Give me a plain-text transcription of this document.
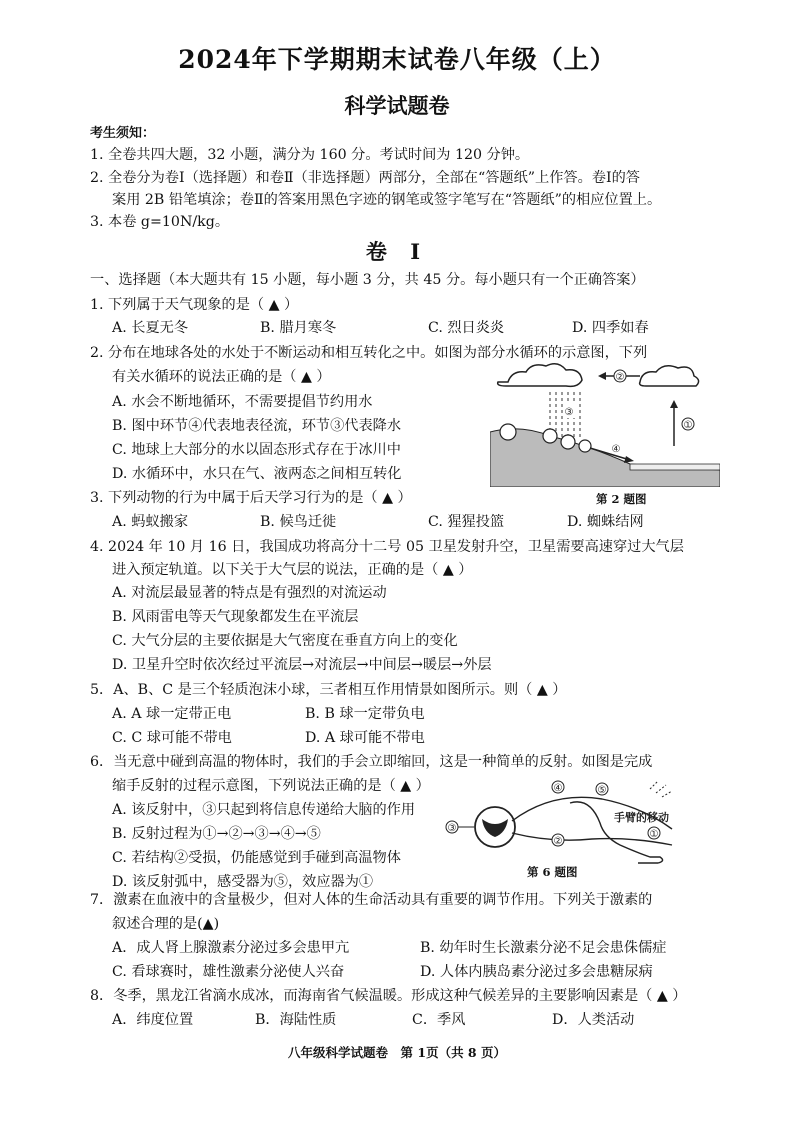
2024年下学期期末试卷八年级（上）
科学试题卷
考生须知：
1. 全卷共四大题，32 小题，满分为 160 分。考试时间为 120 分钟。
2. 全卷分为卷Ⅰ（选择题）和卷Ⅱ（非选择题）两部分，全部在“答题纸”上作答。卷Ⅰ的答
案用 2B 铅笔填涂；卷Ⅱ的答案用黑色字迹的钢笔或签字笔写在“答题纸”的相应位置上。
3. 本卷 g=10N/kg。
卷 Ⅰ
一、选择题（本大题共有 15 小题，每小题 3 分，共 45 分。每小题只有一个正确答案）
1. 下列属于天气现象的是（ ▲ ）
A. 长夏无冬	B. 腊月寒冬	C. 烈日炎炎	D. 四季如春
2. 分布在地球各处的水处于不断运动和相互转化之中。如图为部分水循环的示意图，下列
有关水循环的说法正确的是（ ▲ ）
A. 水会不断地循环，不需要提倡节约用水
B. 图中环节④代表地表径流，环节③代表降水
C. 地球上大部分的水以固态形式存在于冰川中
D. 水循环中，水只在气、液两态之间相互转化
②
③
①
④
3. 下列动物的行为中属于后天学习行为的是（ ▲ ）	第 2 题图
A. 蚂蚁搬家	B. 候鸟迁徙	C. 猩猩投篮	D. 蜘蛛结网
4. 2024 年 10 月 16 日，我国成功将高分十二号 05 卫星发射升空，卫星需要高速穿过大气层
进入预定轨道。以下关于大气层的说法，正确的是（ ▲ ）
A. 对流层最显著的特点是有强烈的对流运动
B. 风雨雷电等天气现象都发生在平流层
C. 大气分层的主要依据是大气密度在垂直方向上的变化
D. 卫星升空时依次经过平流层→对流层→中间层→暖层→外层
5．A、B、C 是三个轻质泡沫小球，三者相互作用情景如图所示。则（ ▲ ）
A. A 球一定带正电	B. B 球一定带负电
C. C 球可能不带电	D. A 球可能不带电
6．当无意中碰到高温的物体时，我们的手会立即缩回，这是一种简单的反射。如图是完成
缩手反射的过程示意图，下列说法正确的是（ ▲ ）
A. 该反射中，③只起到将信息传递给大脑的作用
B. 反射过程为①→②→③→④→⑤
C. 若结构②受损，仍能感觉到手碰到高温物体
D. 该反射弧中，感受器为⑤，效应器为①
③
④	⑤
②
①
手臂的移动
第 6 题图
7．激素在血液中的含量极少，但对人体的生命活动具有重要的调节作用。下列关于激素的
叙述合理的是(▲)
A．成人肾上腺激素分泌过多会患甲亢	B. 幼年时生长激素分泌不足会患侏儒症
C. 看球赛时，雄性激素分泌使人兴奋	D. 人体内胰岛素分泌过多会患糖尿病
8．冬季，黑龙江省滴水成冰，而海南省气候温暖。形成这种气候差异的主要影响因素是（ ▲ ）
A．纬度位置	B．海陆性质	C．季风	D．人类活动
八年级科学试题卷　第 1页（共 8 页）
